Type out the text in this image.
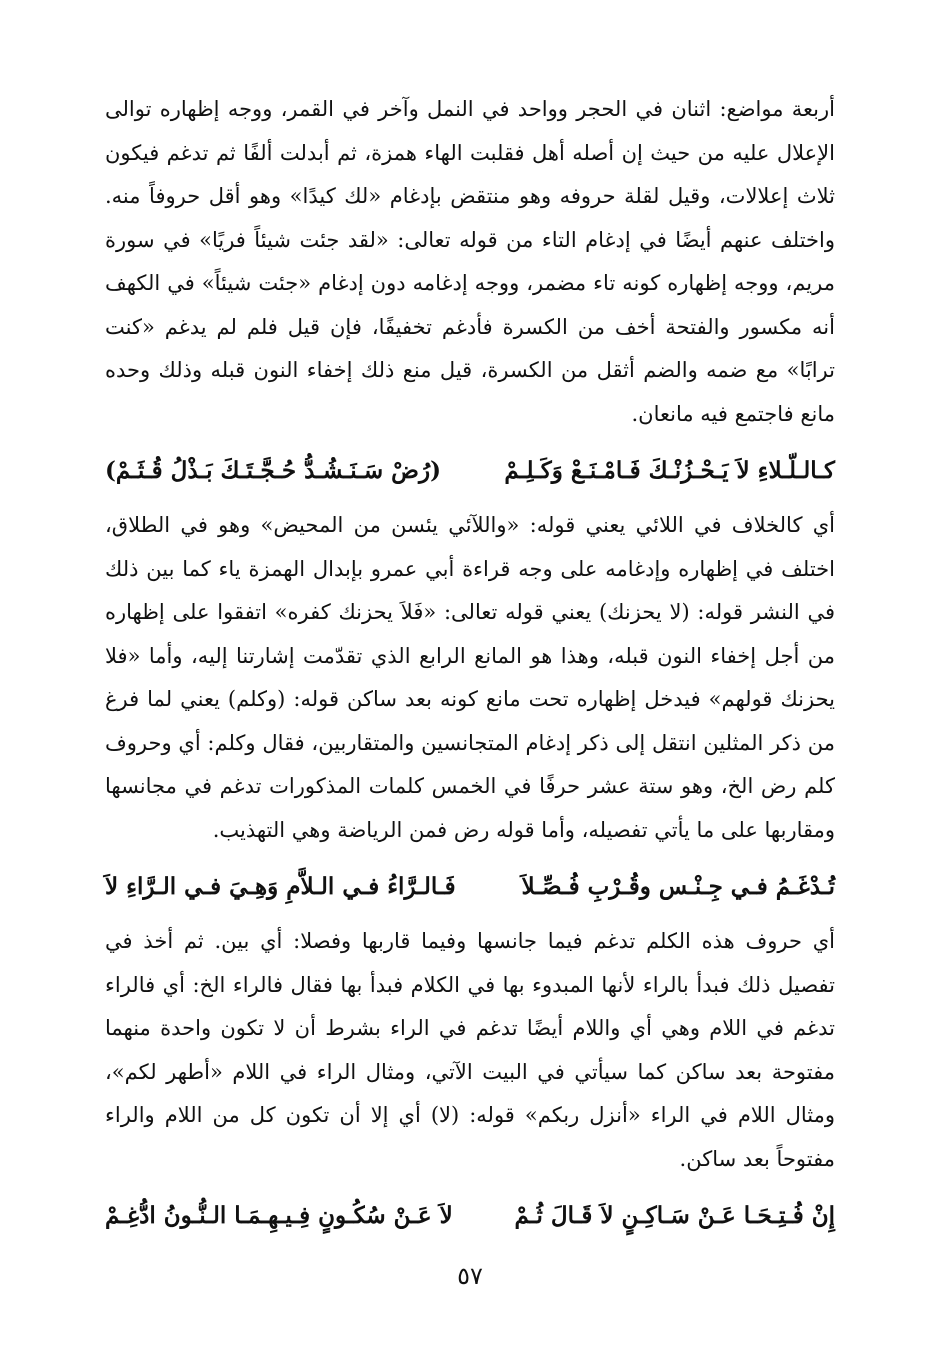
أربعة مواضع: اثنان في الحجر وواحد في النمل وآخر في القمر، ووجه إظهاره توالى الإعلال عليه من حيث إن أصله أهل فقلبت الهاء همزة، ثم أبدلت ألفًا ثم تدغم فيكون ثلاث إعلالات، وقيل لقلة حروفه وهو منتقض بإدغام «لك كيدًا» وهو أقل حروفاً منه. واختلف عنهم أيضًا في إدغام التاء من قوله تعالى: «لقد جئت شيئاً فريًا» في سورة مريم، ووجه إظهاره كونه تاء مضمر، ووجه إدغامه دون إدغام «جئت شيئاً» في الكهف أنه مكسور والفتحة أخف من الكسرة فأدغم تخفيفًا، فإن قيل فلم لم يدغم «كنت ترابًا» مع ضمه والضم أثقل من الكسرة، قيل منع ذلك إخفاء النون قبله وذلك وحده مانع فاجتمع فيه مانعان.

كـالـلّـلاءِ لاَ يَـحْـزُنْـكَ فَـامْـنَـعْ وَكَـلِـمْ
(رُضْ سَـنَـشُـدُّ حُـجَّـتَـكَ بَـذْلُ قُـثَـمْ)

أي كالخلاف في اللائي يعني قوله: «واللآئي يئسن من المحيض» وهو في الطلاق، اختلف في إظهاره وإدغامه على وجه قراءة أبي عمرو بإبدال الهمزة ياء كما بين ذلك في النشر قوله: (لا يحزنك) يعني قوله تعالى: «فَلاَ يحزنك كفره» اتفقوا على إظهاره من أجل إخفاء النون قبله، وهذا هو المانع الرابع الذي تقدّمت إشارتنا إليه، وأما «فلا يحزنك قولهم» فيدخل إظهاره تحت مانع كونه بعد ساكن قوله: (وكلم) يعني لما فرغ من ذكر المثلين انتقل إلى ذكر إدغام المتجانسين والمتقاربين، فقال وكلم: أي وحروف كلم رض الخ، وهو ستة عشر حرفًا في الخمس كلمات المذكورات تدغم في مجانسها ومقاربها على ما يأتي تفصيله، وأما قوله رض فمن الرياضة وهي التهذيب.

تُـدْغَـمُ فـي جِـنْـس وقُـرْبِ فُـصِّـلاَ
فَـالـرَّاءُ فـي الـلاَّمِ وَهِـيَ فـي الـرَّاءِ لاَ

أي حروف هذه الكلم تدغم فيما جانسها وفيما قاربها وفصلا: أي بين. ثم أخذ في تفصيل ذلك فبدأ بالراء لأنها المبدوء بها في الكلام فبدأ بها فقال فالراء الخ: أي فالراء تدغم في اللام وهي أي واللام أيضًا تدغم في الراء بشرط أن لا تكون واحدة منهما مفتوحة بعد ساكن كما سيأتي في البيت الآتي، ومثال الراء في اللام «أطهر لكم»، ومثال اللام في الراء «أنزل ربكم» قوله: (لا) أي إلا أن تكون كل من اللام والراء مفتوحاً بعد ساكن.

إِنْ فُـتِـحَـا عَـنْ سَـاكِـنٍ لاَ قَـالَ ثُـمْ
لاَ عَـنْ سُكُـونٍ فِـيـهِـمَـا الـنُّـونُ ادُّغِـمْ
٥٧
